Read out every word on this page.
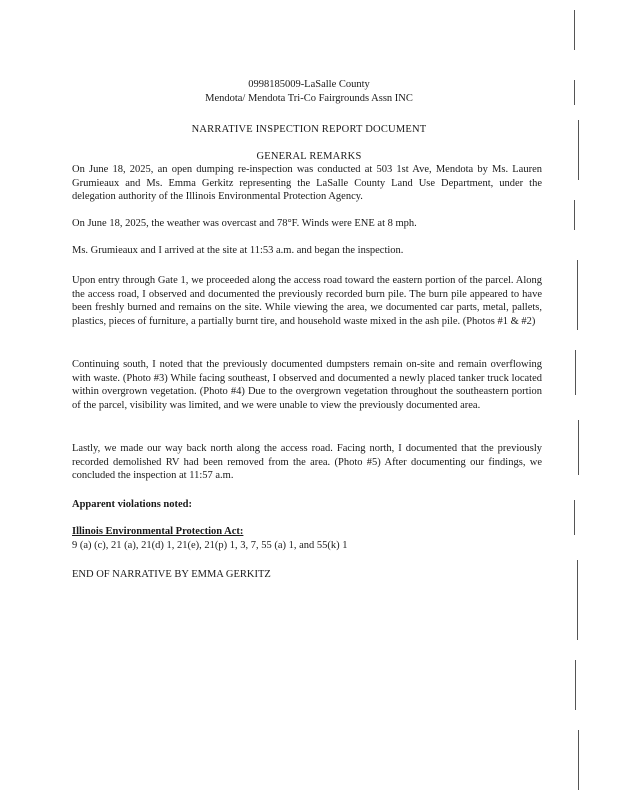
0998185009-LaSalle County
Mendota/ Mendota Tri-Co Fairgrounds Assn INC
NARRATIVE INSPECTION REPORT DOCUMENT
GENERAL REMARKS

On June 18, 2025, an open dumping re-inspection was conducted at 503 1st Ave, Mendota by Ms. Lauren Grumieaux and Ms. Emma Gerkitz representing the LaSalle County Land Use Department, under the delegation authority of the Illinois Environmental Protection Agency.

On June 18, 2025, the weather was overcast and 78°F. Winds were ENE at 8 mph.

Ms. Grumieaux and I arrived at the site at 11:53 a.m. and began the inspection.

Upon entry through Gate 1, we proceeded along the access road toward the eastern portion of the parcel. Along the access road, I observed and documented the previously recorded burn pile. The burn pile appeared to have been freshly burned and remains on the site. While viewing the area, we documented car parts, metal, pallets, plastics, pieces of furniture, a partially burnt tire, and household waste mixed in the ash pile. (Photos #1 & #2)

Continuing south, I noted that the previously documented dumpsters remain on-site and remain overflowing with waste. (Photo #3) While facing southeast, I observed and documented a newly placed tanker truck located within overgrown vegetation. (Photo #4) Due to the overgrown vegetation throughout the southeastern portion of the parcel, visibility was limited, and we were unable to view the previously documented area.

Lastly, we made our way back north along the access road. Facing north, I documented that the previously recorded demolished RV had been removed from the area. (Photo #5) After documenting our findings, we concluded the inspection at 11:57 a.m.

Apparent violations noted:
Illinois Environmental Protection Act:
9 (a) (c), 21 (a), 21(d) 1, 21(e), 21(p) 1, 3, 7, 55 (a) 1, and 55(k) 1
END OF NARRATIVE BY EMMA GERKITZ
